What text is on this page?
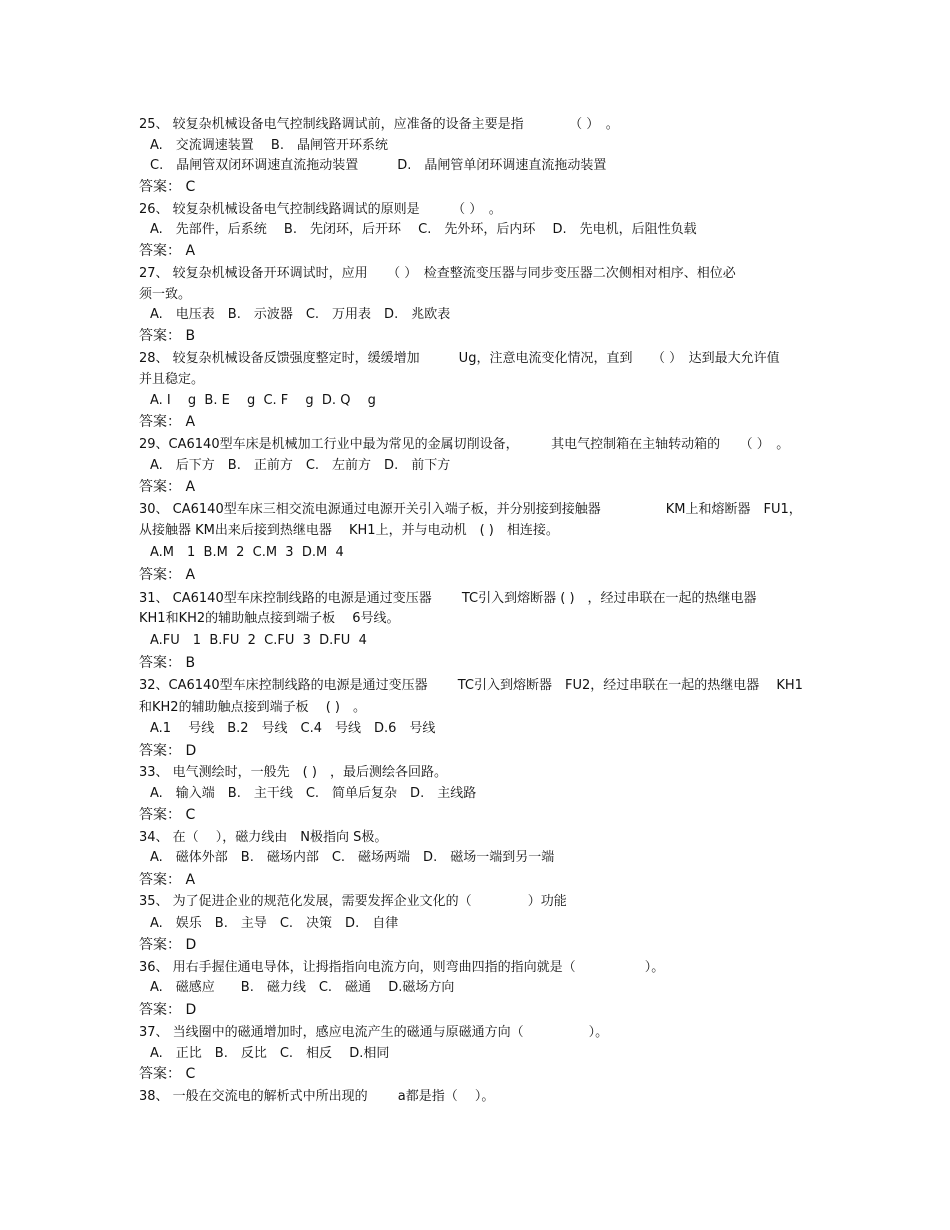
25、 较复杂机械设备电气控制线路调试前，应准备的设备主要是指　　　　（ ）　。
A.　交流调速装置　 B.　晶闸管开环系统
C.　晶闸管双闭环调速直流拖动装置　　　D.　晶闸管单闭环调速直流拖动装置
答案： C
26、 较复杂机械设备电气控制线路调试的原则是　　　（ ）　。
A.　先部件，后系统　 B.　先闭环，后开环　 C.　先外环，后内环　 D.　先电机，后阻性负载
答案： A
27、 较复杂机械设备开环调试时，应用　　（ ）　检查整流变压器与同步变压器二次侧相对相序、相位必
须一致。
A.　电压表　B.　示波器　C.　万用表　D.　兆欧表
答案： B
28、 较复杂机械设备反馈强度整定时，缓缓增加　　　Ug，注意电流变化情况，直到　　（ ）　达到最大允许值
并且稳定。
A. I　 g  B. E　 g  C. F　 g  D. Q　 g
答案： A
29、CA6140型车床是机械加工行业中最为常见的金属切削设备，　　　其电气控制箱在主轴转动箱的　　（ ）　。
A.　后下方　B.　正前方　C.　左前方　D.　前下方
答案： A
30、 CA6140型车床三相交流电源通过电源开关引入端子板，并分别接到接触器　　　　　KM上和熔断器　FU1，
从接触器 KM出来后接到热继电器　 KH1上，并与电动机　( )　相连接。
A.M　1  B.M  2  C.M  3  D.M  4
答案： A
31、 CA6140型车床控制线路的电源是通过变压器　　 TC引入到熔断器 ( )　，经过串联在一起的热继电器
KH1和KH2的辅助触点接到端子板　 6号线。
A.FU　1  B.FU  2  C.FU  3  D.FU  4
答案： B
32、CA6140型车床控制线路的电源是通过变压器　　 TC引入到熔断器　FU2，经过串联在一起的热继电器　 KH1
和KH2的辅助触点接到端子板　 ( )　。
A.1　 号线　B.2　号线　C.4　号线　D.6　号线
答案： D
33、 电气测绘时，一般先　( )　，最后测绘各回路。
A.　输入端　B.　主干线　C.　简单后复杂　D.　主线路
答案： C
34、 在（　 ），磁力线由　N极指向 S极。
A.　磁体外部　B.　磁场内部　C.　磁场两端　D.　磁场一端到另一端
答案： A
35、 为了促进企业的规范化发展，需要发挥企业文化的（　　　　 ）功能
A.　娱乐　B.　主导　C.　决策　D.　自律
答案： D
36、 用右手握住通电导体，让拇指指向电流方向，则弯曲四指的指向就是（　　　　　 ）。
A.　磁感应　　B.　磁力线　C.　磁通　 D.磁场方向
答案： D
37、 当线圈中的磁通增加时，感应电流产生的磁通与原磁通方向（　　　　　）。
A.　正比　B.　反比　C.　相反　 D.相同
答案： C
38、 一般在交流电的解析式中所出现的　　 a都是指（　 ）。
